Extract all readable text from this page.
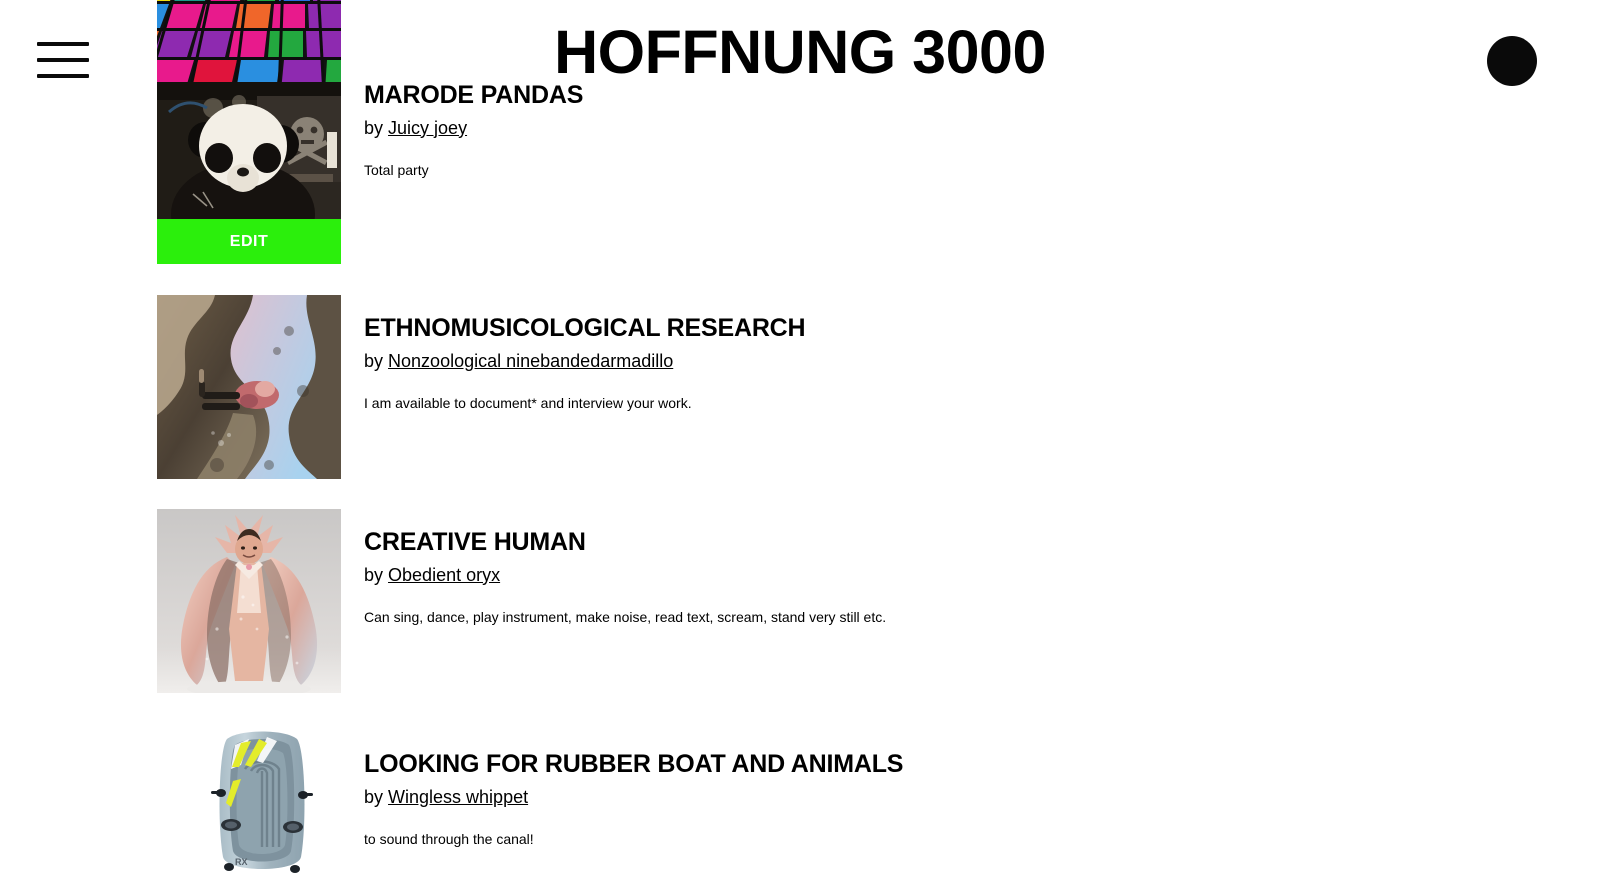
HOFFNUNG 3000
EDIT
MARODE PANDAS
by Juicy joey
Total party
ETHNOMUSICOLOGICAL RESEARCH
by Nonzoological ninebandedarmadillo
I am available to document* and interview your work.
CREATIVE HUMAN
by Obedient oryx
Can sing, dance, play instrument, make noise, read text, scream, stand very still etc.
RX
LOOKING FOR RUBBER BOAT AND ANIMALS
by Wingless whippet
to sound through the canal!
